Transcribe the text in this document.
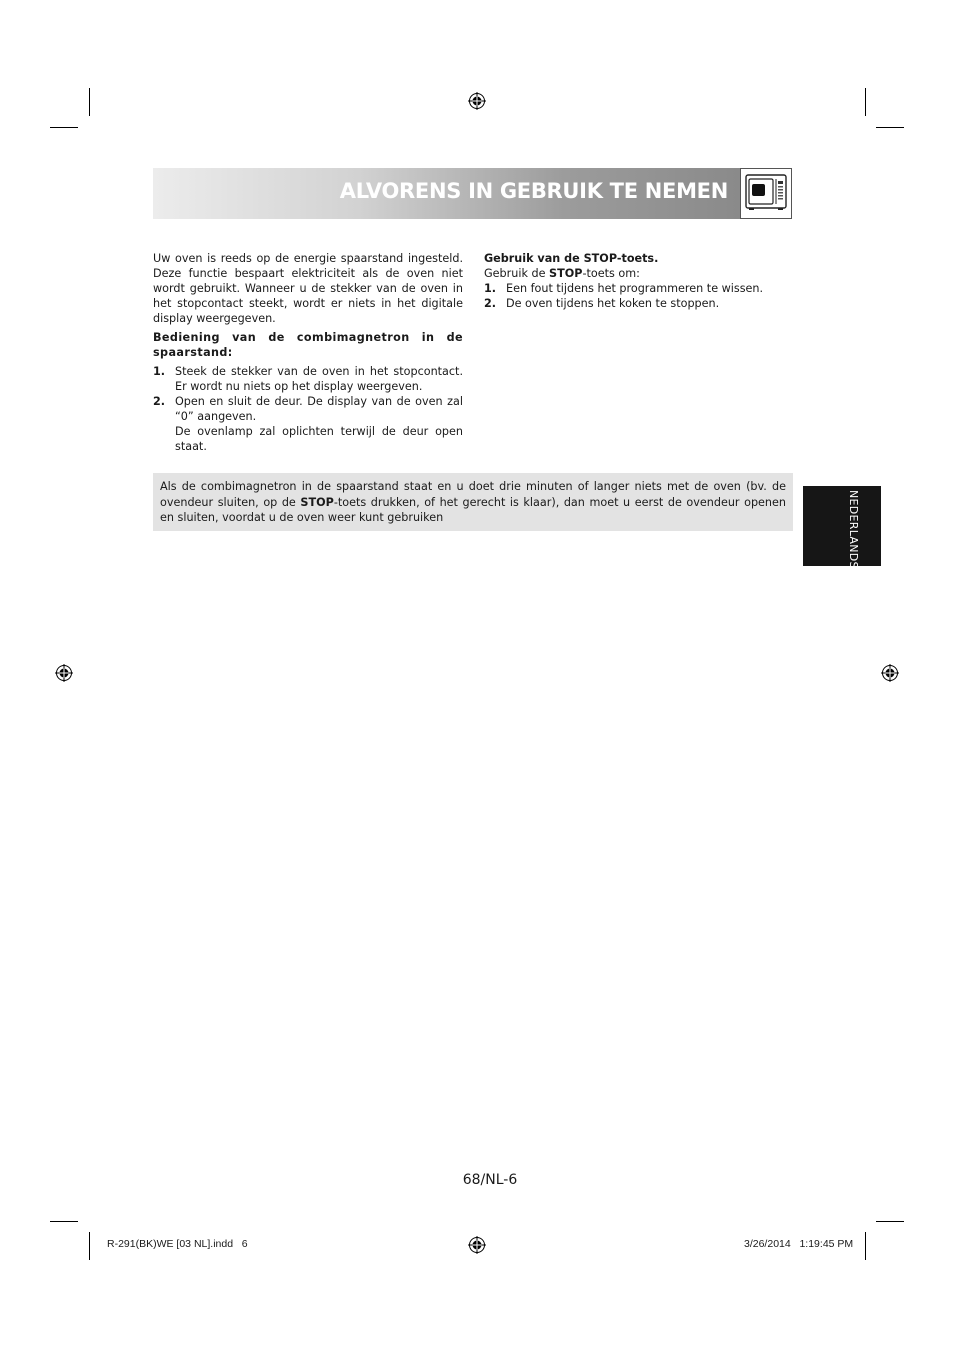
ALVORENS IN GEBRUIK TE NEMEN

Uw oven is reeds op de energie spaarstand ingesteld. Deze functie bespaart elektriciteit als de oven niet wordt gebruikt. Wanneer u de stekker van de oven in het stopcontact steekt, wordt er niets in het digitale display weergegeven.

Bediening van de combimagnetron in de spaarstand:

1. Steek de stekker van de oven in het stopcontact. Er wordt nu niets op het display weergeven.
2. Open en sluit de deur. De display van de oven zal “0” aangeven.
De ovenlamp zal oplichten terwijl de deur open staat.

Gebruik van de STOP-toets.

Gebruik de STOP-toets om:

1. Een fout tijdens het programmeren te wissen.
2. De oven tijdens het koken te stoppen.
Als de combimagnetron in de spaarstand staat en u doet drie minuten of langer niets met de oven (bv. de ovendeur sluiten, op de STOP-toets drukken, of het gerecht is klaar), dan moet u eerst de ovendeur openen en sluiten, voordat u de oven weer kunt gebruiken	NEDERLANDS
68/NL-6
R-291(BK)WE [03 NL].indd   6	3/26/2014   1:19:45 PM
